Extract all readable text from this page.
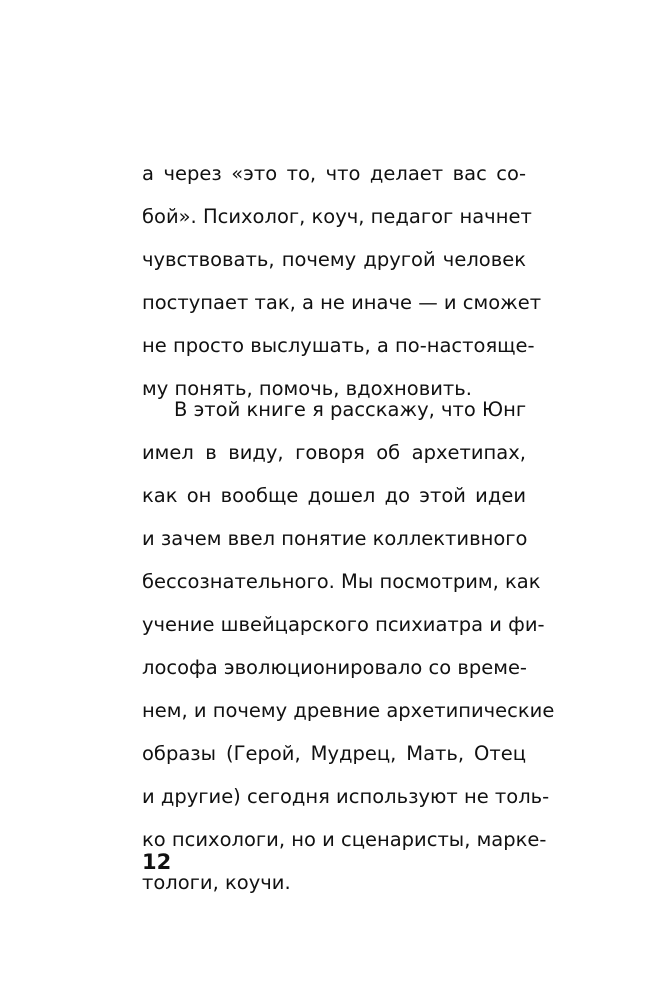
а через «это то, что делает вас со-
бой». Психолог, коуч, педагог начнет
чувствовать, почему другой человек
поступает так, а не иначе — и сможет
не просто выслушать, а по-настояще-
му понять, помочь, вдохновить.

В этой книге я расскажу, что Юнг
имел в виду, говоря об архетипах,
как он вообще дошел до этой идеи
и зачем ввел понятие коллективного
бессознательного. Мы посмотрим, как
учение швейцарского психиатра и фи-
лософа эволюционировало со време-
нем, и почему древние архетипические
образы (Герой, Мудрец, Мать, Отец
и другие) сегодня используют не толь-
ко психологи, но и сценаристы, марке-
тологи, коучи.

12
